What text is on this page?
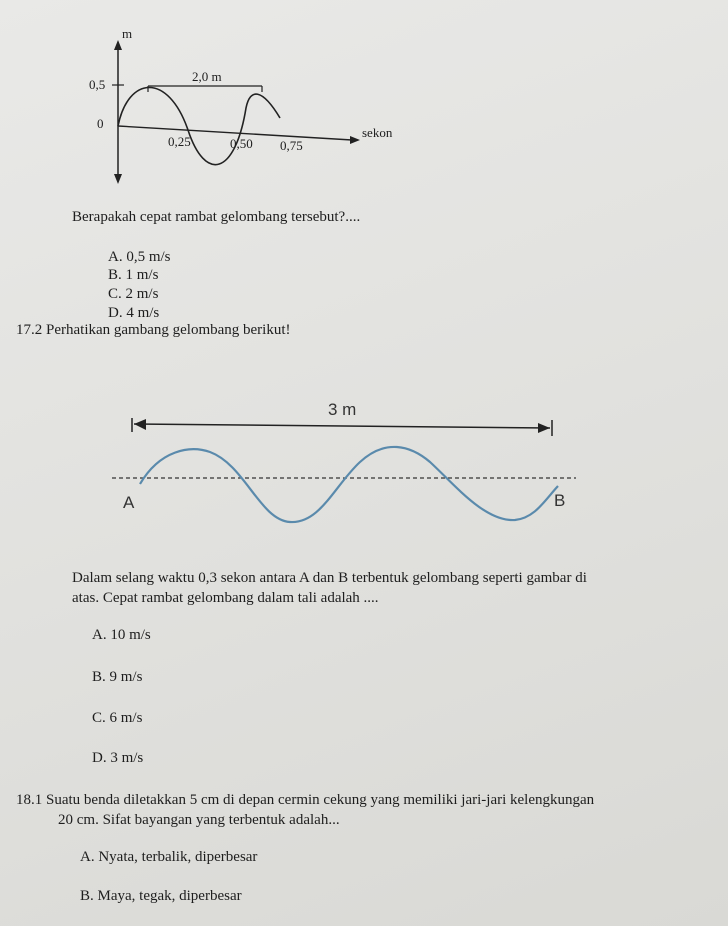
m
0,5
0
2,0 m
sekon
0,25	0,50 0,75
Berapakah cepat rambat gelombang tersebut?....
A. 0,5 m/s
B. 1 m/s
C. 2 m/s
D. 4 m/s
17.2 Perhatikan gambang gelombang berikut!
3 m
A	B
Dalam selang waktu 0,3 sekon antara A dan B terbentuk gelombang seperti gambar di
atas. Cepat rambat gelombang dalam tali adalah ....
A. 10 m/s
B. 9 m/s
C. 6 m/s
D. 3 m/s
18.1 Suatu benda diletakkan 5 cm di depan cermin cekung yang memiliki jari-jari kelengkungan
20 cm. Sifat bayangan yang terbentuk adalah...
A. Nyata, terbalik, diperbesar
B. Maya, tegak, diperbesar
